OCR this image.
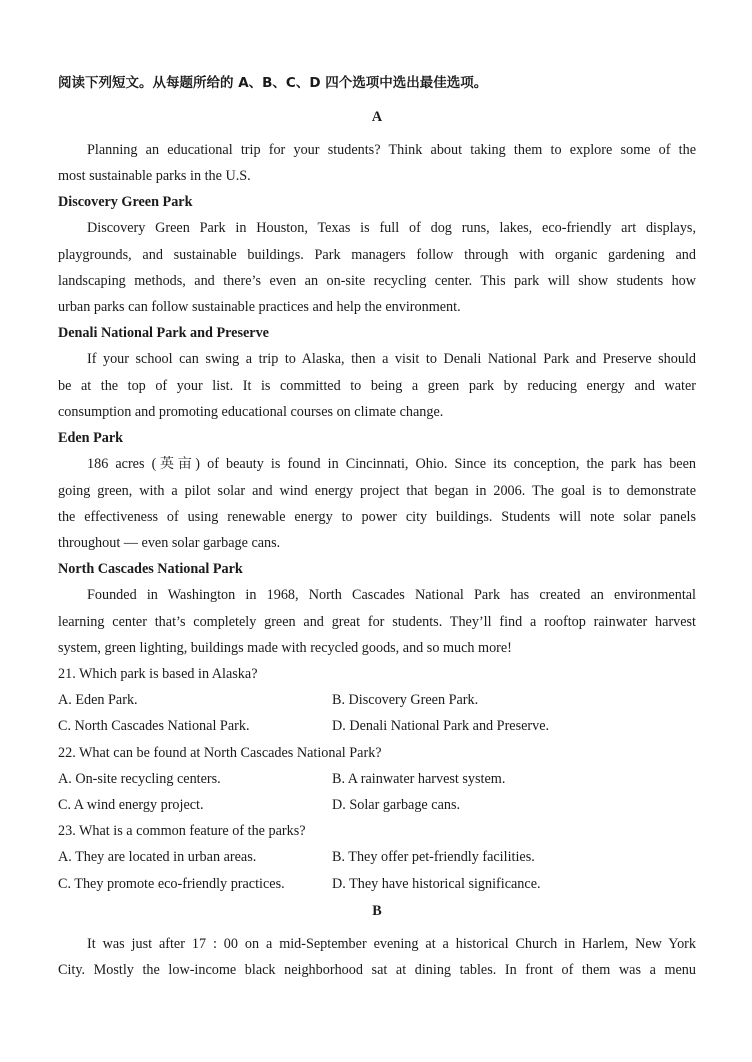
阅读下列短文。从每题所给的 A、B、C、D 四个选项中选出最佳选项。
A
Planning an educational trip for your students? Think about taking them to explore some of the
most sustainable parks in the U.S.
Discovery Green Park
Discovery Green Park in Houston, Texas is full of dog runs, lakes, eco-friendly art displays,
playgrounds, and sustainable buildings. Park managers follow through with organic gardening and
landscaping methods, and there’s even an on-site recycling center. This park will show students how
urban parks can follow sustainable practices and help the environment.
Denali National Park and Preserve
If your school can swing a trip to Alaska, then a visit to Denali National Park and Preserve should
be at the top of your list. It is committed to being a green park by reducing energy and water
consumption and promoting educational courses on climate change.
Eden Park
186 acres (英亩) of beauty is found in Cincinnati, Ohio. Since its conception, the park has been
going green, with a pilot solar and wind energy project that began in 2006. The goal is to demonstrate
the effectiveness of using renewable energy to power city buildings. Students will note solar panels
throughout — even solar garbage cans.
North Cascades National Park
Founded in Washington in 1968, North Cascades National Park has created an environmental
learning center that’s completely green and great for students. They’ll find a rooftop rainwater harvest
system, green lighting, buildings made with recycled goods, and so much more!
21. Which park is based in Alaska?
A. Eden Park.	B. Discovery Green Park.
C. North Cascades National Park.	D. Denali National Park and Preserve.
22. What can be found at North Cascades National Park?
A. On-site recycling centers.	B. A rainwater harvest system.
C. A wind energy project.	D. Solar garbage cans.
23. What is a common feature of the parks?
A. They are located in urban areas.	B. They offer pet-friendly facilities.
C. They promote eco-friendly practices.	D. They have historical significance.
B
It was just after 17 : 00 on a mid-September evening at a historical Church in Harlem, New York
City. Mostly the low-income black neighborhood sat at dining tables. In front of them was a menu
